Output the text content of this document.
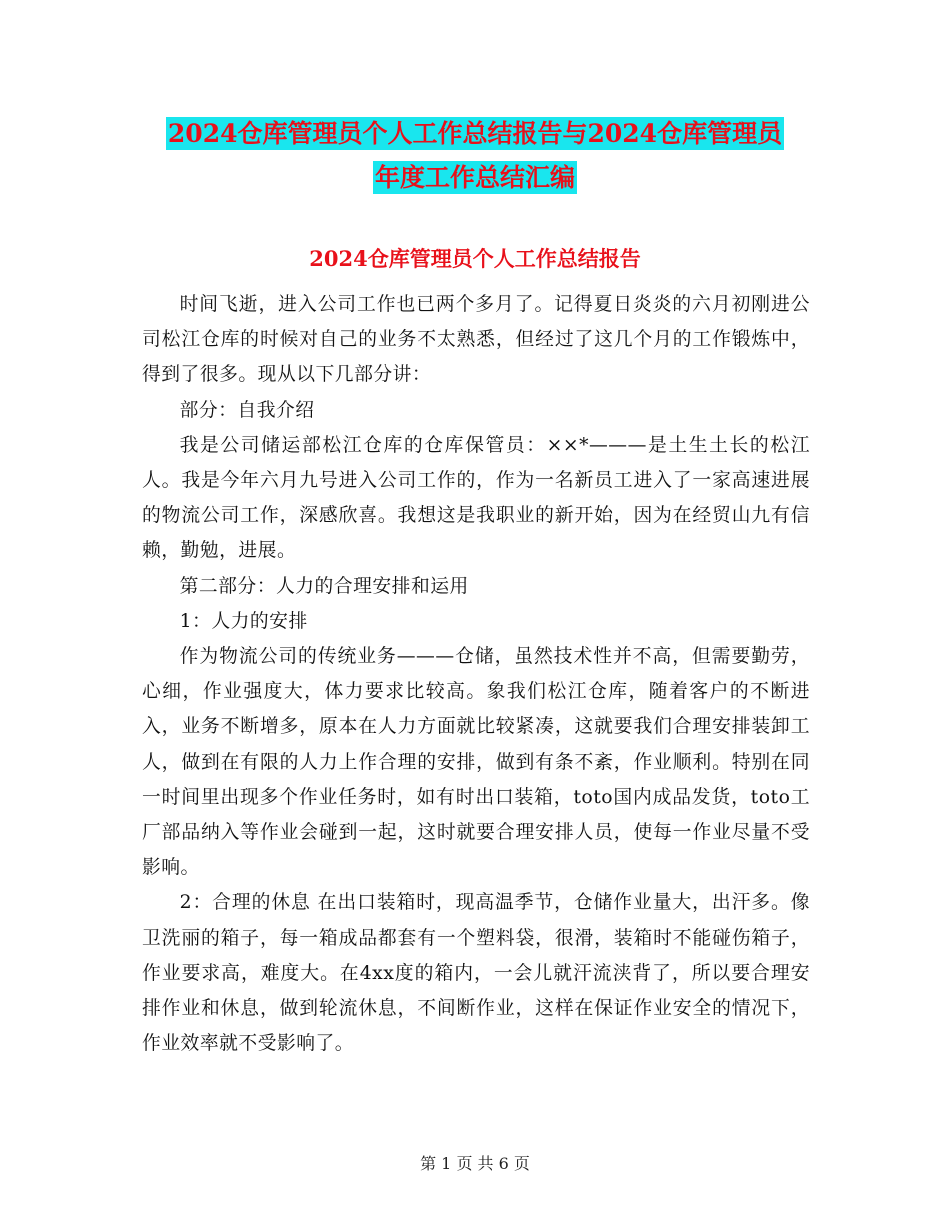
2024仓库管理员个人工作总结报告与2024仓库管理员
年度工作总结汇编
2024仓库管理员个人工作总结报告

时间飞逝，进入公司工作也已两个多月了。记得夏日炎炎的六月初刚进公司松江仓库的时候对自己的业务不太熟悉，但经过了这几个月的工作锻炼中，得到了很多。现从以下几部分讲：

部分：自我介绍

我是公司储运部松江仓库的仓库保管员：××*———是土生土长的松江人。我是今年六月九号进入公司工作的，作为一名新员工进入了一家高速进展的物流公司工作，深感欣喜。我想这是我职业的新开始，因为在经贸山九有信赖，勤勉，进展。

第二部分：人力的合理安排和运用

1：人力的安排

作为物流公司的传统业务———仓储，虽然技术性并不高，但需要勤劳，心细，作业强度大，体力要求比较高。象我们松江仓库，随着客户的不断进入，业务不断增多，原本在人力方面就比较紧凑，这就要我们合理安排装卸工人，做到在有限的人力上作合理的安排，做到有条不紊，作业顺利。特别在同一时间里出现多个作业任务时，如有时出口装箱，toto国内成品发货，toto工厂部品纳入等作业会碰到一起，这时就要合理安排人员，使每一作业尽量不受影响。

2：合理的休息 在出口装箱时，现高温季节，仓储作业量大，出汗多。像卫洗丽的箱子，每一箱成品都套有一个塑料袋，很滑，装箱时不能碰伤箱子，作业要求高，难度大。在4xx度的箱内，一会儿就汗流浃背了，所以要合理安排作业和休息，做到轮流休息，不间断作业，这样在保证作业安全的情况下，作业效率就不受影响了。

第 1 页 共 6 页
